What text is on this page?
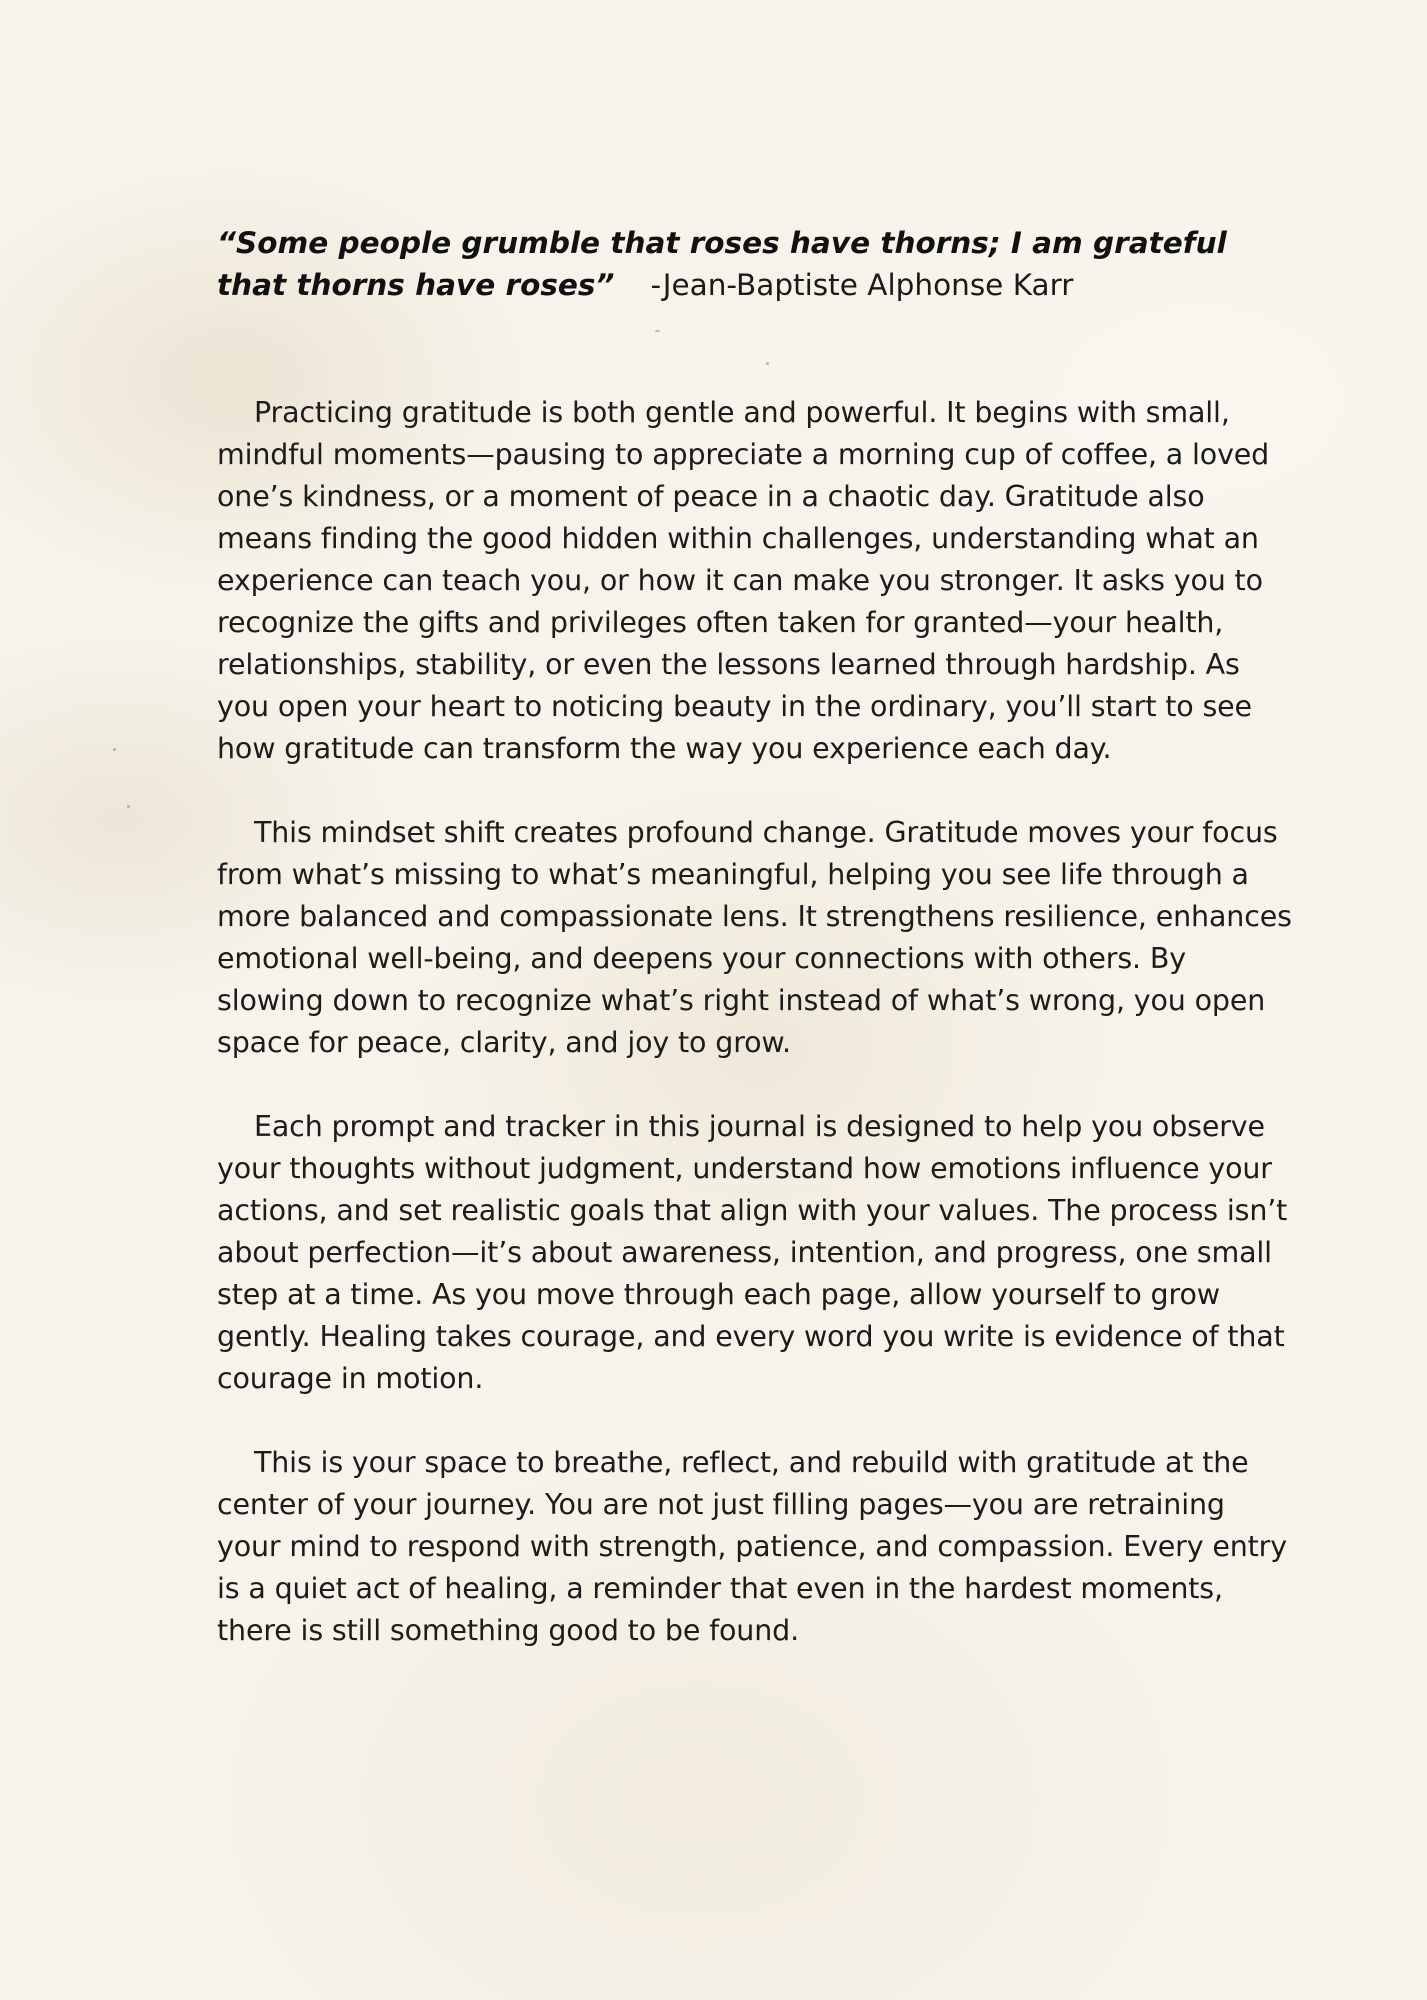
“Some people grumble that roses have thorns; I am grateful that thorns have roses” -Jean-Baptiste Alphonse Karr

Practicing gratitude is both gentle and powerful. It begins with small, mindful moments—pausing to appreciate a morning cup of coffee, a loved one’s kindness, or a moment of peace in a chaotic day. Gratitude also means finding the good hidden within challenges, understanding what an experience can teach you, or how it can make you stronger. It asks you to recognize the gifts and privileges often taken for granted—your health, relationships, stability, or even the lessons learned through hardship. As you open your heart to noticing beauty in the ordinary, you’ll start to see how gratitude can transform the way you experience each day.

This mindset shift creates profound change. Gratitude moves your focus from what’s missing to what’s meaningful, helping you see life through a more balanced and compassionate lens. It strengthens resilience, enhances emotional well-being, and deepens your connections with others. By slowing down to recognize what’s right instead of what’s wrong, you open space for peace, clarity, and joy to grow.

Each prompt and tracker in this journal is designed to help you observe your thoughts without judgment, understand how emotions influence your actions, and set realistic goals that align with your values. The process isn’t about perfection—it’s about awareness, intention, and progress, one small step at a time. As you move through each page, allow yourself to grow gently. Healing takes courage, and every word you write is evidence of that courage in motion.

This is your space to breathe, reflect, and rebuild with gratitude at the center of your journey. You are not just filling pages—you are retraining your mind to respond with strength, patience, and compassion. Every entry is a quiet act of healing, a reminder that even in the hardest moments, there is still something good to be found.
